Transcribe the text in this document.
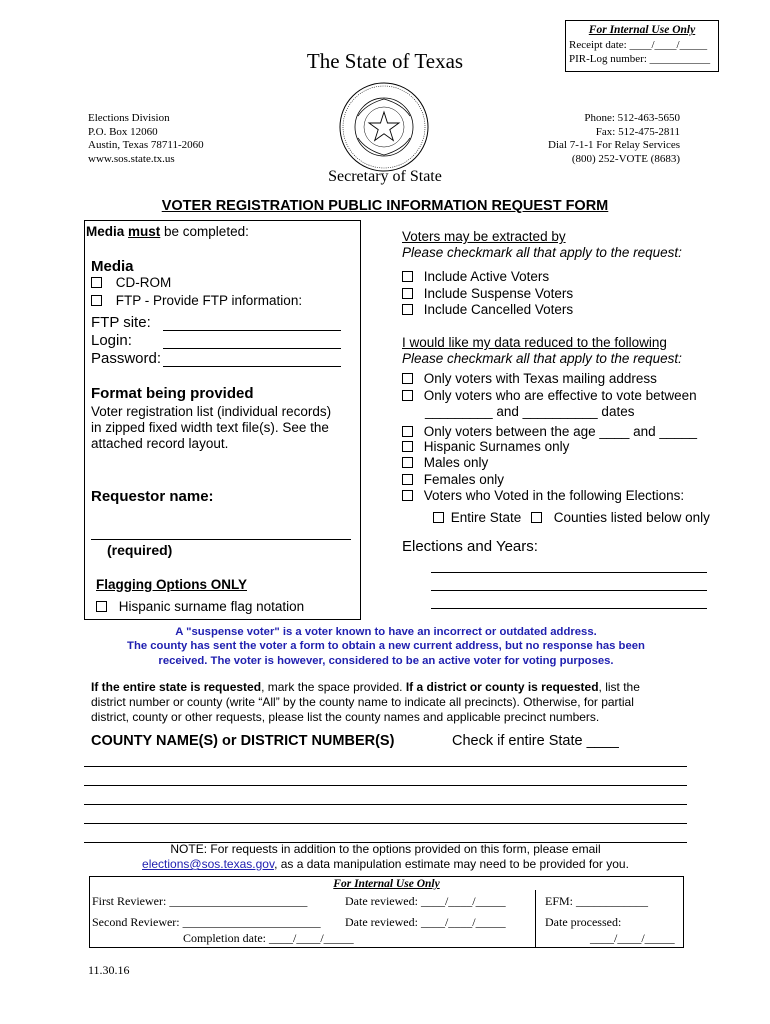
For Internal Use Only
Receipt date: ____/____/_____
PIR-Log number: ___________
The State of Texas
Elections Division
P.O. Box 12060
Austin, Texas 78711-2060
www.sos.state.tx.us
Phone: 512-463-5650
Fax: 512-475-2811
Dial 7-1-1 For Relay Services
(800) 252-VOTE (8683)
Secretary of State
VOTER REGISTRATION PUBLIC INFORMATION REQUEST FORM
Media must be completed:
Media
CD-ROM
FTP - Provide FTP information:
FTP site:
Login:
Password:
Format being provided
Voter registration list (individual records)
in zipped fixed width text file(s). See the
attached record layout.
Requestor name:
(required)
Flagging Options ONLY
Hispanic surname flag notation
Voters may be extracted by
Please checkmark all that apply to the request:
Include Active Voters
Include Suspense Voters
Include Cancelled Voters
I would like my data reduced to the following
Please checkmark all that apply to the request:
Only voters with Texas mailing address
Only voters who are effective to vote between
_________ and __________ dates
Only voters between the age ____ and _____
Hispanic Surnames only
Males only
Females only
Voters who Voted in the following Elections:
Entire State	Counties listed below only
Elections and Years:
A "suspense voter" is a voter known to have an incorrect or outdated address.
The county has sent the voter a form to obtain a new current address, but no response has been
received. The voter is however, considered to be an active voter for voting purposes.
If the entire state is requested, mark the space provided. If a district or county is requested, list the
district number or county (write “All” by the county name to indicate all precincts). Otherwise, for partial
district, county or other requests, please list the county names and applicable precinct numbers.
COUNTY NAME(S) or DISTRICT NUMBER(S)	Check if entire State ____
NOTE: For requests in addition to the options provided on this form, please email
elections@sos.texas.gov, as a data manipulation estimate may need to be provided for you.
For Internal Use Only
First Reviewer: _______________________	Date reviewed: ____/____/_____	EFM: ____________
Second Reviewer: _______________________ Date reviewed: ____/____/_____	Date processed:
Completion date: ____/____/_____	____/____/_____
11.30.16
